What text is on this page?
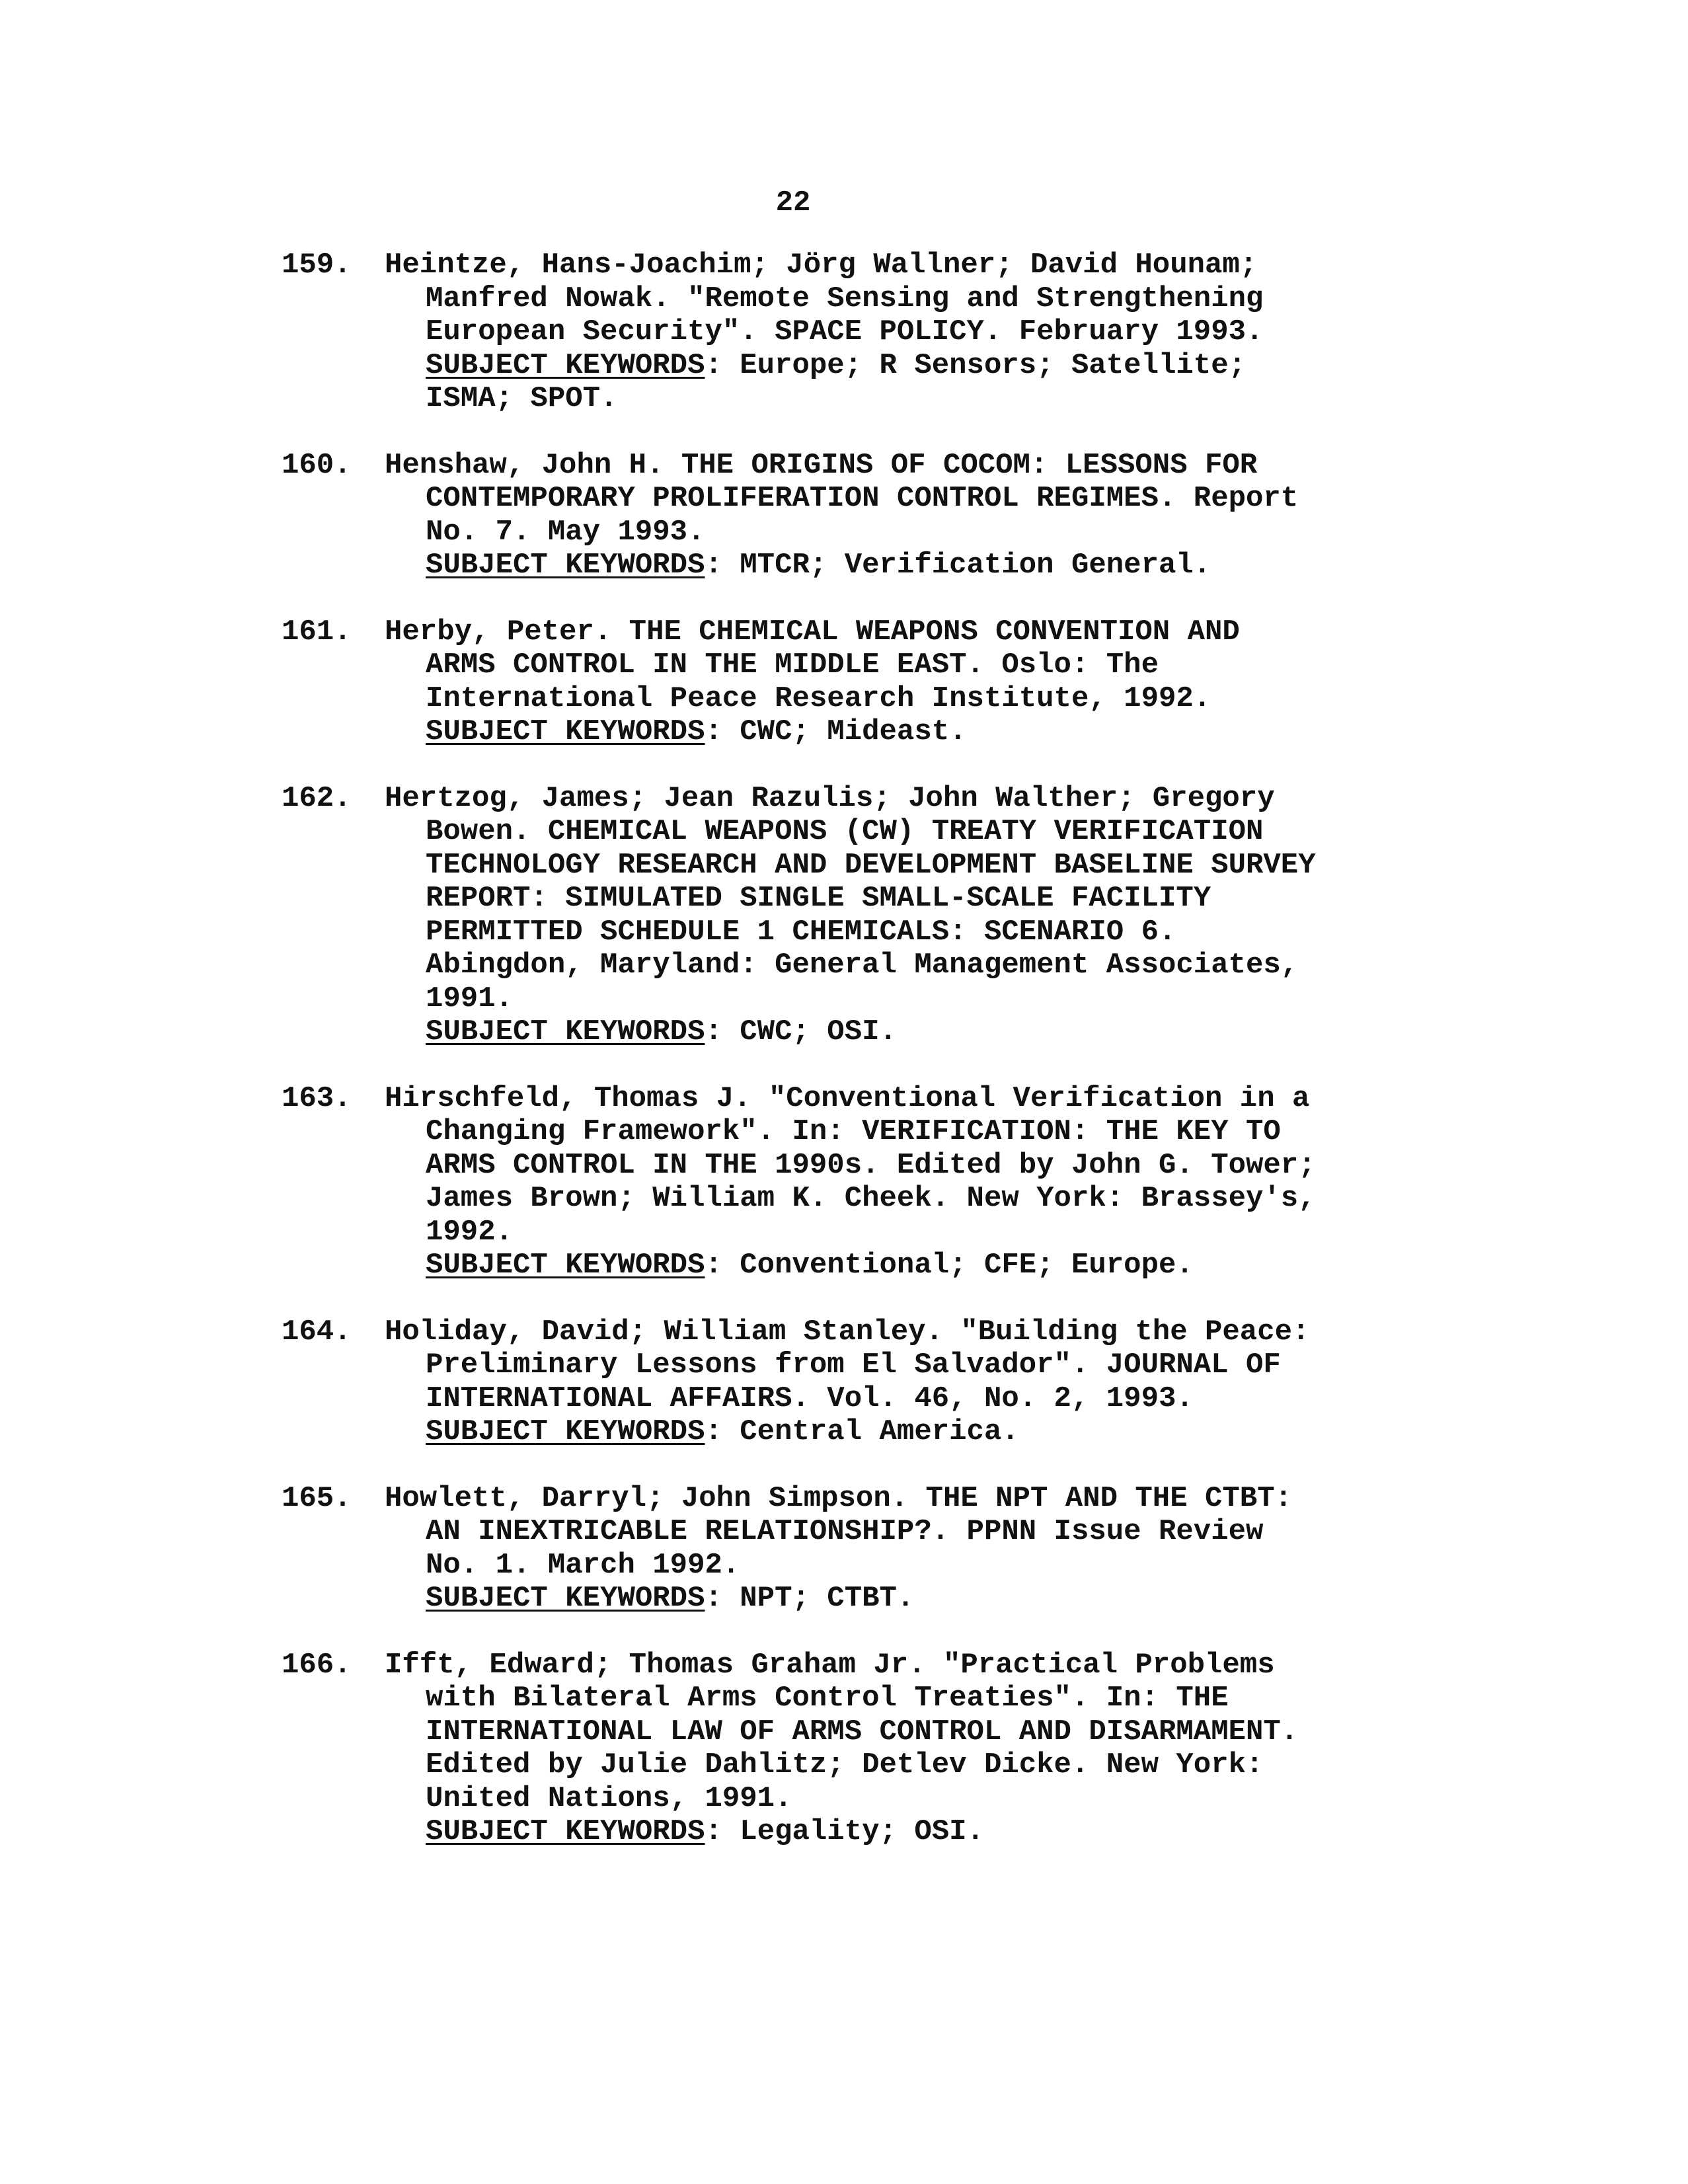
22
159. Heintze, Hans-Joachim; Jörg Wallner; David Hounam;
Manfred Nowak. "Remote Sensing and Strengthening
European Security". SPACE POLICY. February 1993.
SUBJECT KEYWORDS: Europe; R Sensors; Satellite;
ISMA; SPOT.
160. Henshaw, John H. THE ORIGINS OF COCOM: LESSONS FOR
CONTEMPORARY PROLIFERATION CONTROL REGIMES. Report
No. 7. May 1993.
SUBJECT KEYWORDS: MTCR; Verification General.
161. Herby, Peter. THE CHEMICAL WEAPONS CONVENTION AND
ARMS CONTROL IN THE MIDDLE EAST. Oslo: The
International Peace Research Institute, 1992.
SUBJECT KEYWORDS: CWC; Mideast.
162. Hertzog, James; Jean Razulis; John Walther; Gregory
Bowen. CHEMICAL WEAPONS (CW) TREATY VERIFICATION
TECHNOLOGY RESEARCH AND DEVELOPMENT BASELINE SURVEY
REPORT: SIMULATED SINGLE SMALL-SCALE FACILITY
PERMITTED SCHEDULE 1 CHEMICALS: SCENARIO 6.
Abingdon, Maryland: General Management Associates,
1991.
SUBJECT KEYWORDS: CWC; OSI.
163. Hirschfeld, Thomas J. "Conventional Verification in a
Changing Framework". In: VERIFICATION: THE KEY TO
ARMS CONTROL IN THE 1990s. Edited by John G. Tower;
James Brown; William K. Cheek. New York: Brassey's,
1992.
SUBJECT KEYWORDS: Conventional; CFE; Europe.
164. Holiday, David; William Stanley. "Building the Peace:
Preliminary Lessons from El Salvador". JOURNAL OF
INTERNATIONAL AFFAIRS. Vol. 46, No. 2, 1993.
SUBJECT KEYWORDS: Central America.
165. Howlett, Darryl; John Simpson. THE NPT AND THE CTBT:
AN INEXTRICABLE RELATIONSHIP?. PPNN Issue Review
No. 1. March 1992.
SUBJECT KEYWORDS: NPT; CTBT.
166. Ifft, Edward; Thomas Graham Jr. "Practical Problems
with Bilateral Arms Control Treaties". In: THE
INTERNATIONAL LAW OF ARMS CONTROL AND DISARMAMENT.
Edited by Julie Dahlitz; Detlev Dicke. New York:
United Nations, 1991.
SUBJECT KEYWORDS: Legality; OSI.
